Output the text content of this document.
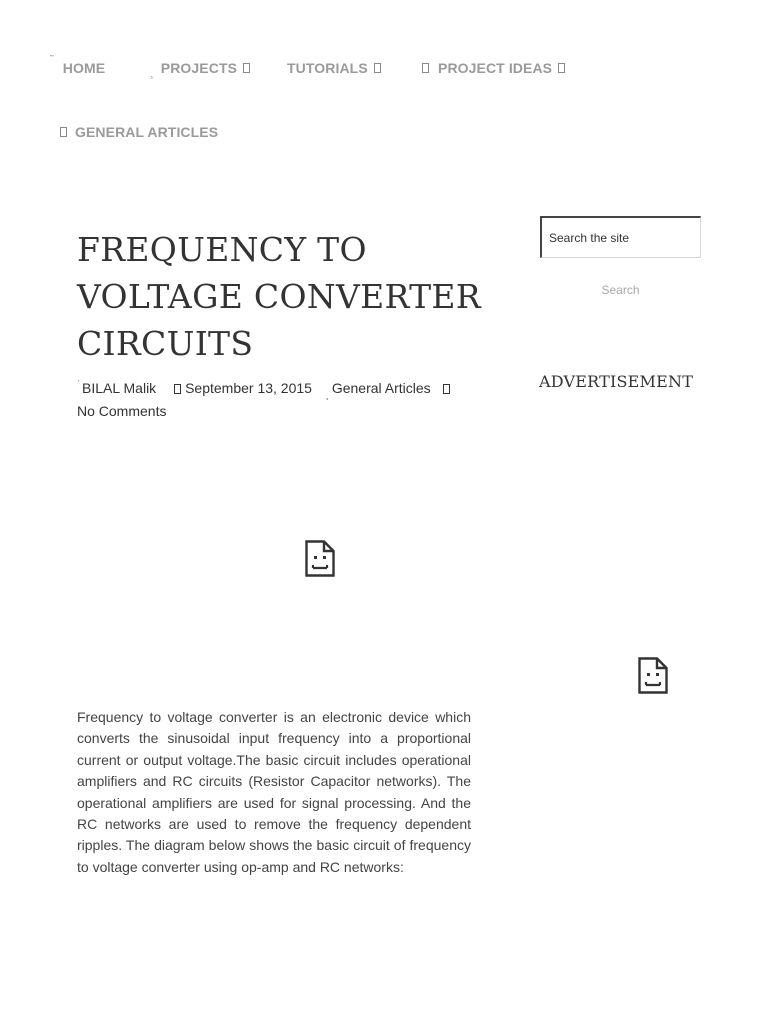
˜ HOME	¸ PROJECTS	TUTORIALS	PROJECT IDEAS
GENERAL ARTICLES
FREQUENCY TO VOLTAGE CONVERTER CIRCUITS
$^ˊ$ BILAL Malik September 13, 2015 $_¸$ General Articles
No Comments

Frequency to voltage converter is an electronic device which converts the sinusoidal input frequency into a proportional current or output voltage.The basic circuit includes operational amplifiers and RC circuits (Resistor Capacitor networks). The operational amplifiers are used for signal processing. And the RC networks are used to remove the frequency dependent ripples. The diagram below shows the basic circuit of frequency to voltage converter using op-amp and RC networks:

Search the site
Search
ADVERTISEMENT
